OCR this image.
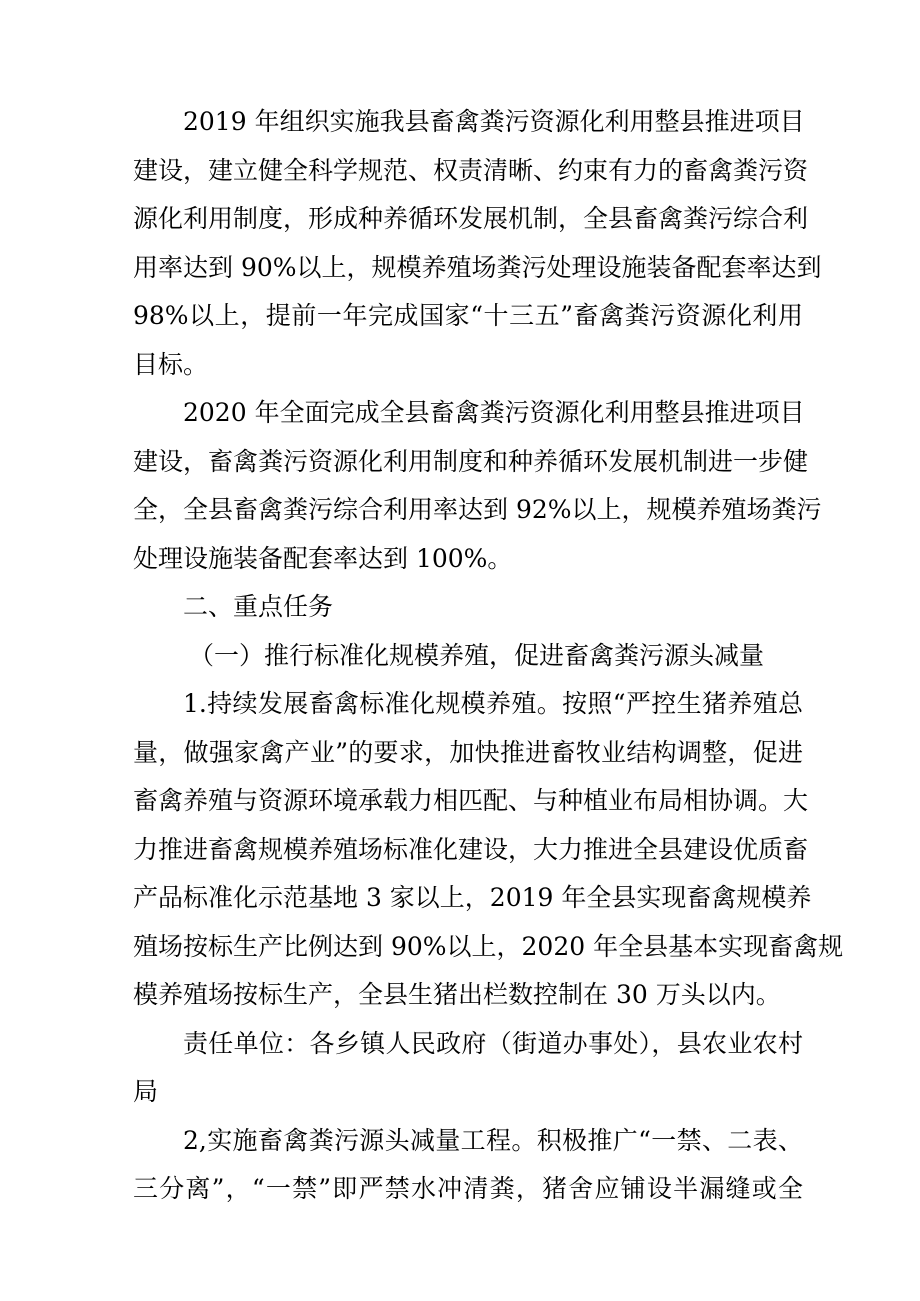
2019 年组织实施我县畜禽粪污资源化利用整县推进项目
建设，建立健全科学规范、权责清晰、约束有力的畜禽粪污资
源化利用制度，形成种养循环发展机制，全县畜禽粪污综合利
用率达到 90%以上，规模养殖场粪污处理设施装备配套率达到
98%以上，提前一年完成国家“十三五”畜禽粪污资源化利用
目标。
2020 年全面完成全县畜禽粪污资源化利用整县推进项目
建设，畜禽粪污资源化利用制度和种养循环发展机制进一步健
全，全县畜禽粪污综合利用率达到 92%以上，规模养殖场粪污
处理设施装备配套率达到 100%。
二、重点任务
（一）推行标准化规模养殖，促进畜禽粪污源头减量
1.持续发展畜禽标准化规模养殖。按照“严控生猪养殖总
量，做强家禽产业”的要求，加快推进畜牧业结构调整，促进
畜禽养殖与资源环境承载力相匹配、与种植业布局相协调。大
力推进畜禽规模养殖场标准化建设，大力推进全县建设优质畜
产品标准化示范基地 3 家以上，2019 年全县实现畜禽规模养
殖场按标生产比例达到 90%以上，2020 年全县基本实现畜禽规
模养殖场按标生产，全县生猪出栏数控制在 30 万头以内。
责任单位：各乡镇人民政府（街道办事处），县农业农村
局
2,实施畜禽粪污源头减量工程。积极推广“一禁、二表、
三分离”，“一禁”即严禁水冲清粪，猪舍应铺设半漏缝或全
